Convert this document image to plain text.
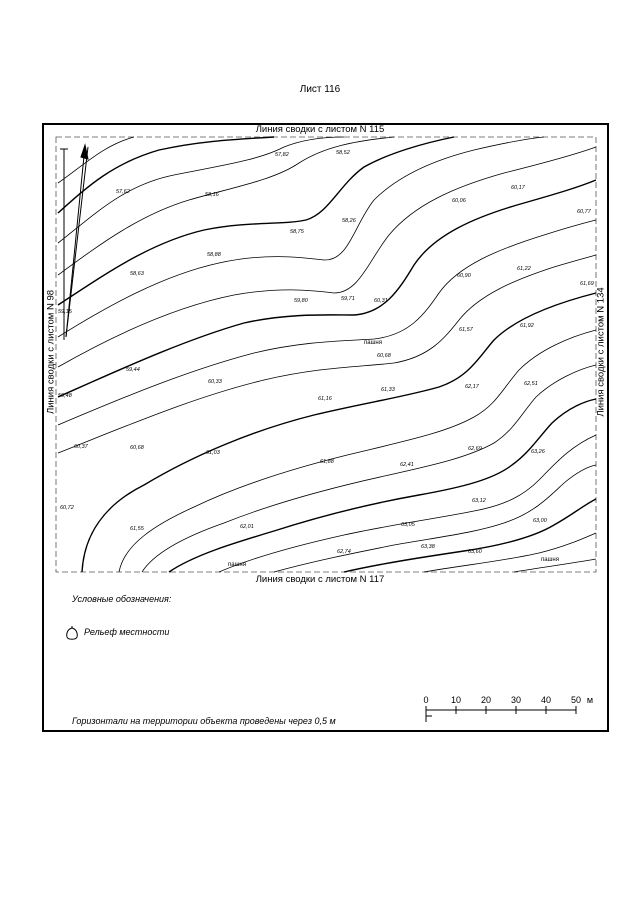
Лист 116
57,82	58,52
57,62	58,16
60,17
60,06
60,77
58,26
58,75
58,88
58,63	60,90
61,22
61,69
59,80	59,71	60,31
59,15
61,57
61,92
60,68
61,33	62,17	62,51
59,44
60,33
61,16
59,48
60,37	60,68
61,03
61,88	62,41
62,69	63,26
60,72
61,55	62,01	63,05
63,12
63,38
63,60
62,74
63,00
пашня
пашня
пашня
Линия сводки с листом N 115
Линия сводки с листом N 117
Линия сводки с листом N 98	Линия сводки с листом N 134
Условные обозначения:
Рельеф местности
Горизонтали на территории объекта проведены через 0,5 м
0 10 20 30 40 50 м
